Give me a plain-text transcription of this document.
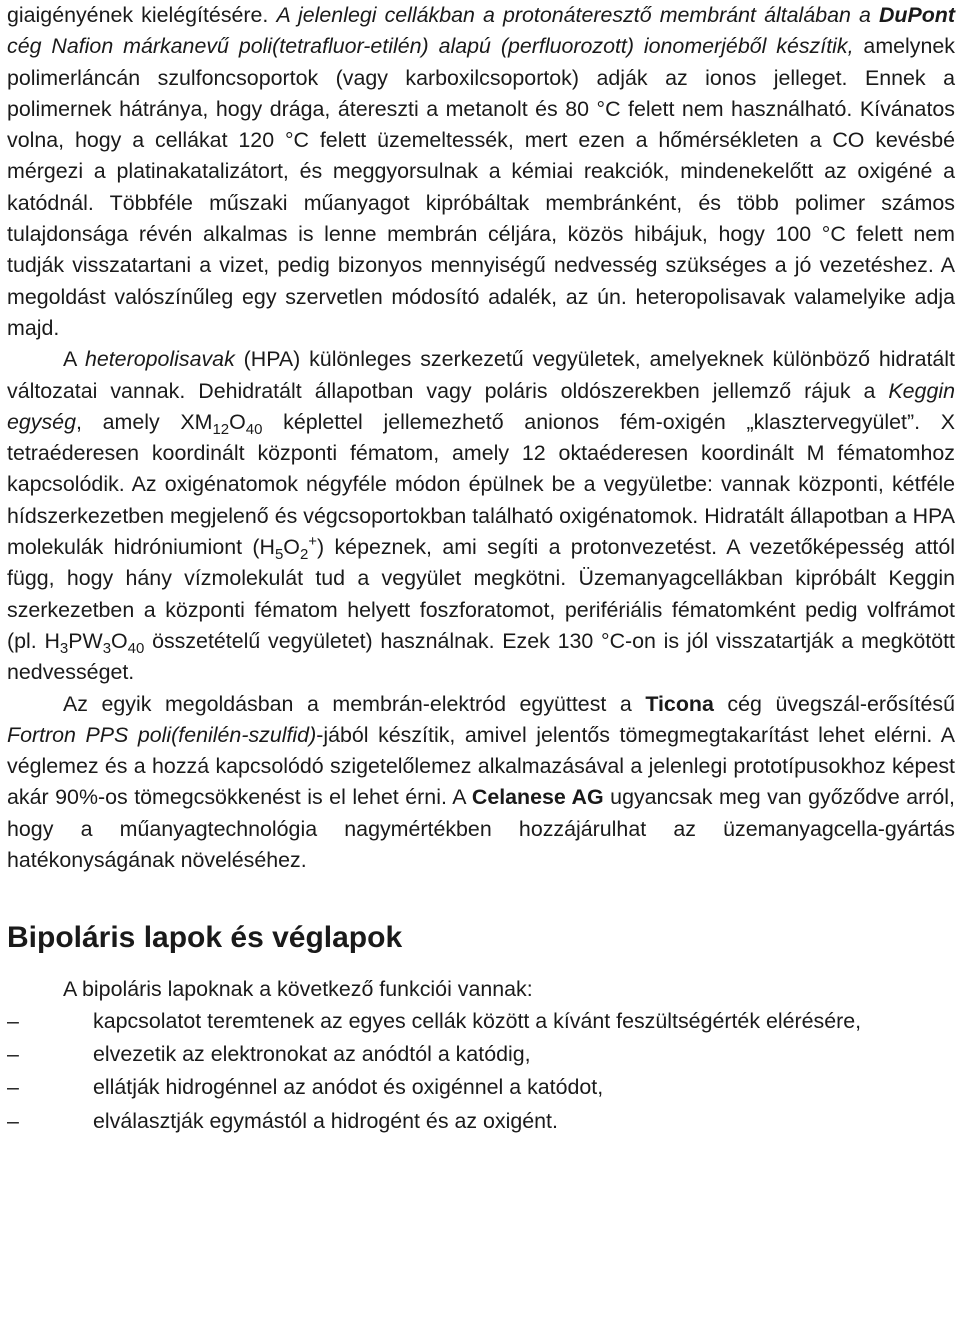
giaigényének kielégítésére. A jelenlegi cellákban a protonáteresztő membránt általában a DuPont cég Nafion márkanevű poli(tetrafluor-etilén) alapú (perfluorozott) ionomerjéből készítik, amelynek polimerláncán szulfoncsoportok (vagy karboxilcsoportok) adják az ionos jelleget. Ennek a polimernek hátránya, hogy drága, átereszti a metanolt és 80 °C felett nem használható. Kívánatos volna, hogy a cellákat 120 °C felett üzemeltessék, mert ezen a hőmérsékleten a CO kevésbé mérgezi a platinakatalizátort, és meggyorsulnak a kémiai reakciók, mindenekelőtt az oxigéné a katódnál. Többféle műszaki műanyagot kipróbáltak membránként, és több polimer számos tulajdonsága révén alkalmas is lenne membrán céljára, közös hibájuk, hogy 100 °C felett nem tudják visszatartani a vizet, pedig bizonyos mennyiségű nedvesség szükséges a jó vezetéshez. A megoldást valószínűleg egy szervetlen módosító adalék, az ún. heteropolisavak valamelyike adja majd.

A heteropolisavak (HPA) különleges szerkezetű vegyületek, amelyeknek különböző hidratált változatai vannak. Dehidratált állapotban vagy poláris oldószerekben jellemző rájuk a Keggin egység, amely $XM_{12}O_{40}$ képlettel jellemezhető anionos fém-oxigén „klasztervegyület”. X tetraéderesen koordinált központi fématom, amely 12 oktaéderesen koordinált M fématomhoz kapcsolódik. Az oxigénatomok négyféle módon épülnek be a vegyületbe: vannak központi, kétféle hídszerkezetben megjelenő és végcsoportokban található oxigénatomok. Hidratált állapotban a HPA molekulák hidróniumiont $(H_5O_2^+)$ képeznek, ami segíti a protonvezetést. A vezetőképesség attól függ, hogy hány vízmolekulát tud a vegyület megkötni. Üzemanyagcellákban kipróbált Keggin szerkezetben a központi fématom helyett foszforatomot, perifériális fématomként pedig volfrámot (pl. $H_3PW_3O_{40}$ összetételű vegyületet) használnak. Ezek 130 °C-on is jól visszatartják a megkötött nedvességet.

Az egyik megoldásban a membrán-elektród együttest a Ticona cég üvegszál-erősítésű Fortron PPS poli(fenilén-szulfid)-jából készítik, amivel jelentős tömegmegtakarítást lehet elérni. A véglemez és a hozzá kapcsolódó szigetelőlemez alkalmazásával a jelenlegi prototípusokhoz képest akár 90%-os tömegcsökkenést is el lehet érni. A Celanese AG ugyancsak meg van győződve arról, hogy a műanyagtechnológia nagymértékben hozzájárulhat az üzemanyagcella-gyártás hatékonyságának növeléséhez.

Bipoláris lapok és véglapok

A bipoláris lapoknak a következő funkciói vannak:

–	kapcsolatot teremtenek az egyes cellák között a kívánt feszültségérték elérésére,
–	elvezetik az elektronokat az anódtól a katódig,
–	ellátják hidrogénnel az anódot és oxigénnel a katódot,
–	elválasztják egymástól a hidrogént és az oxigént.
